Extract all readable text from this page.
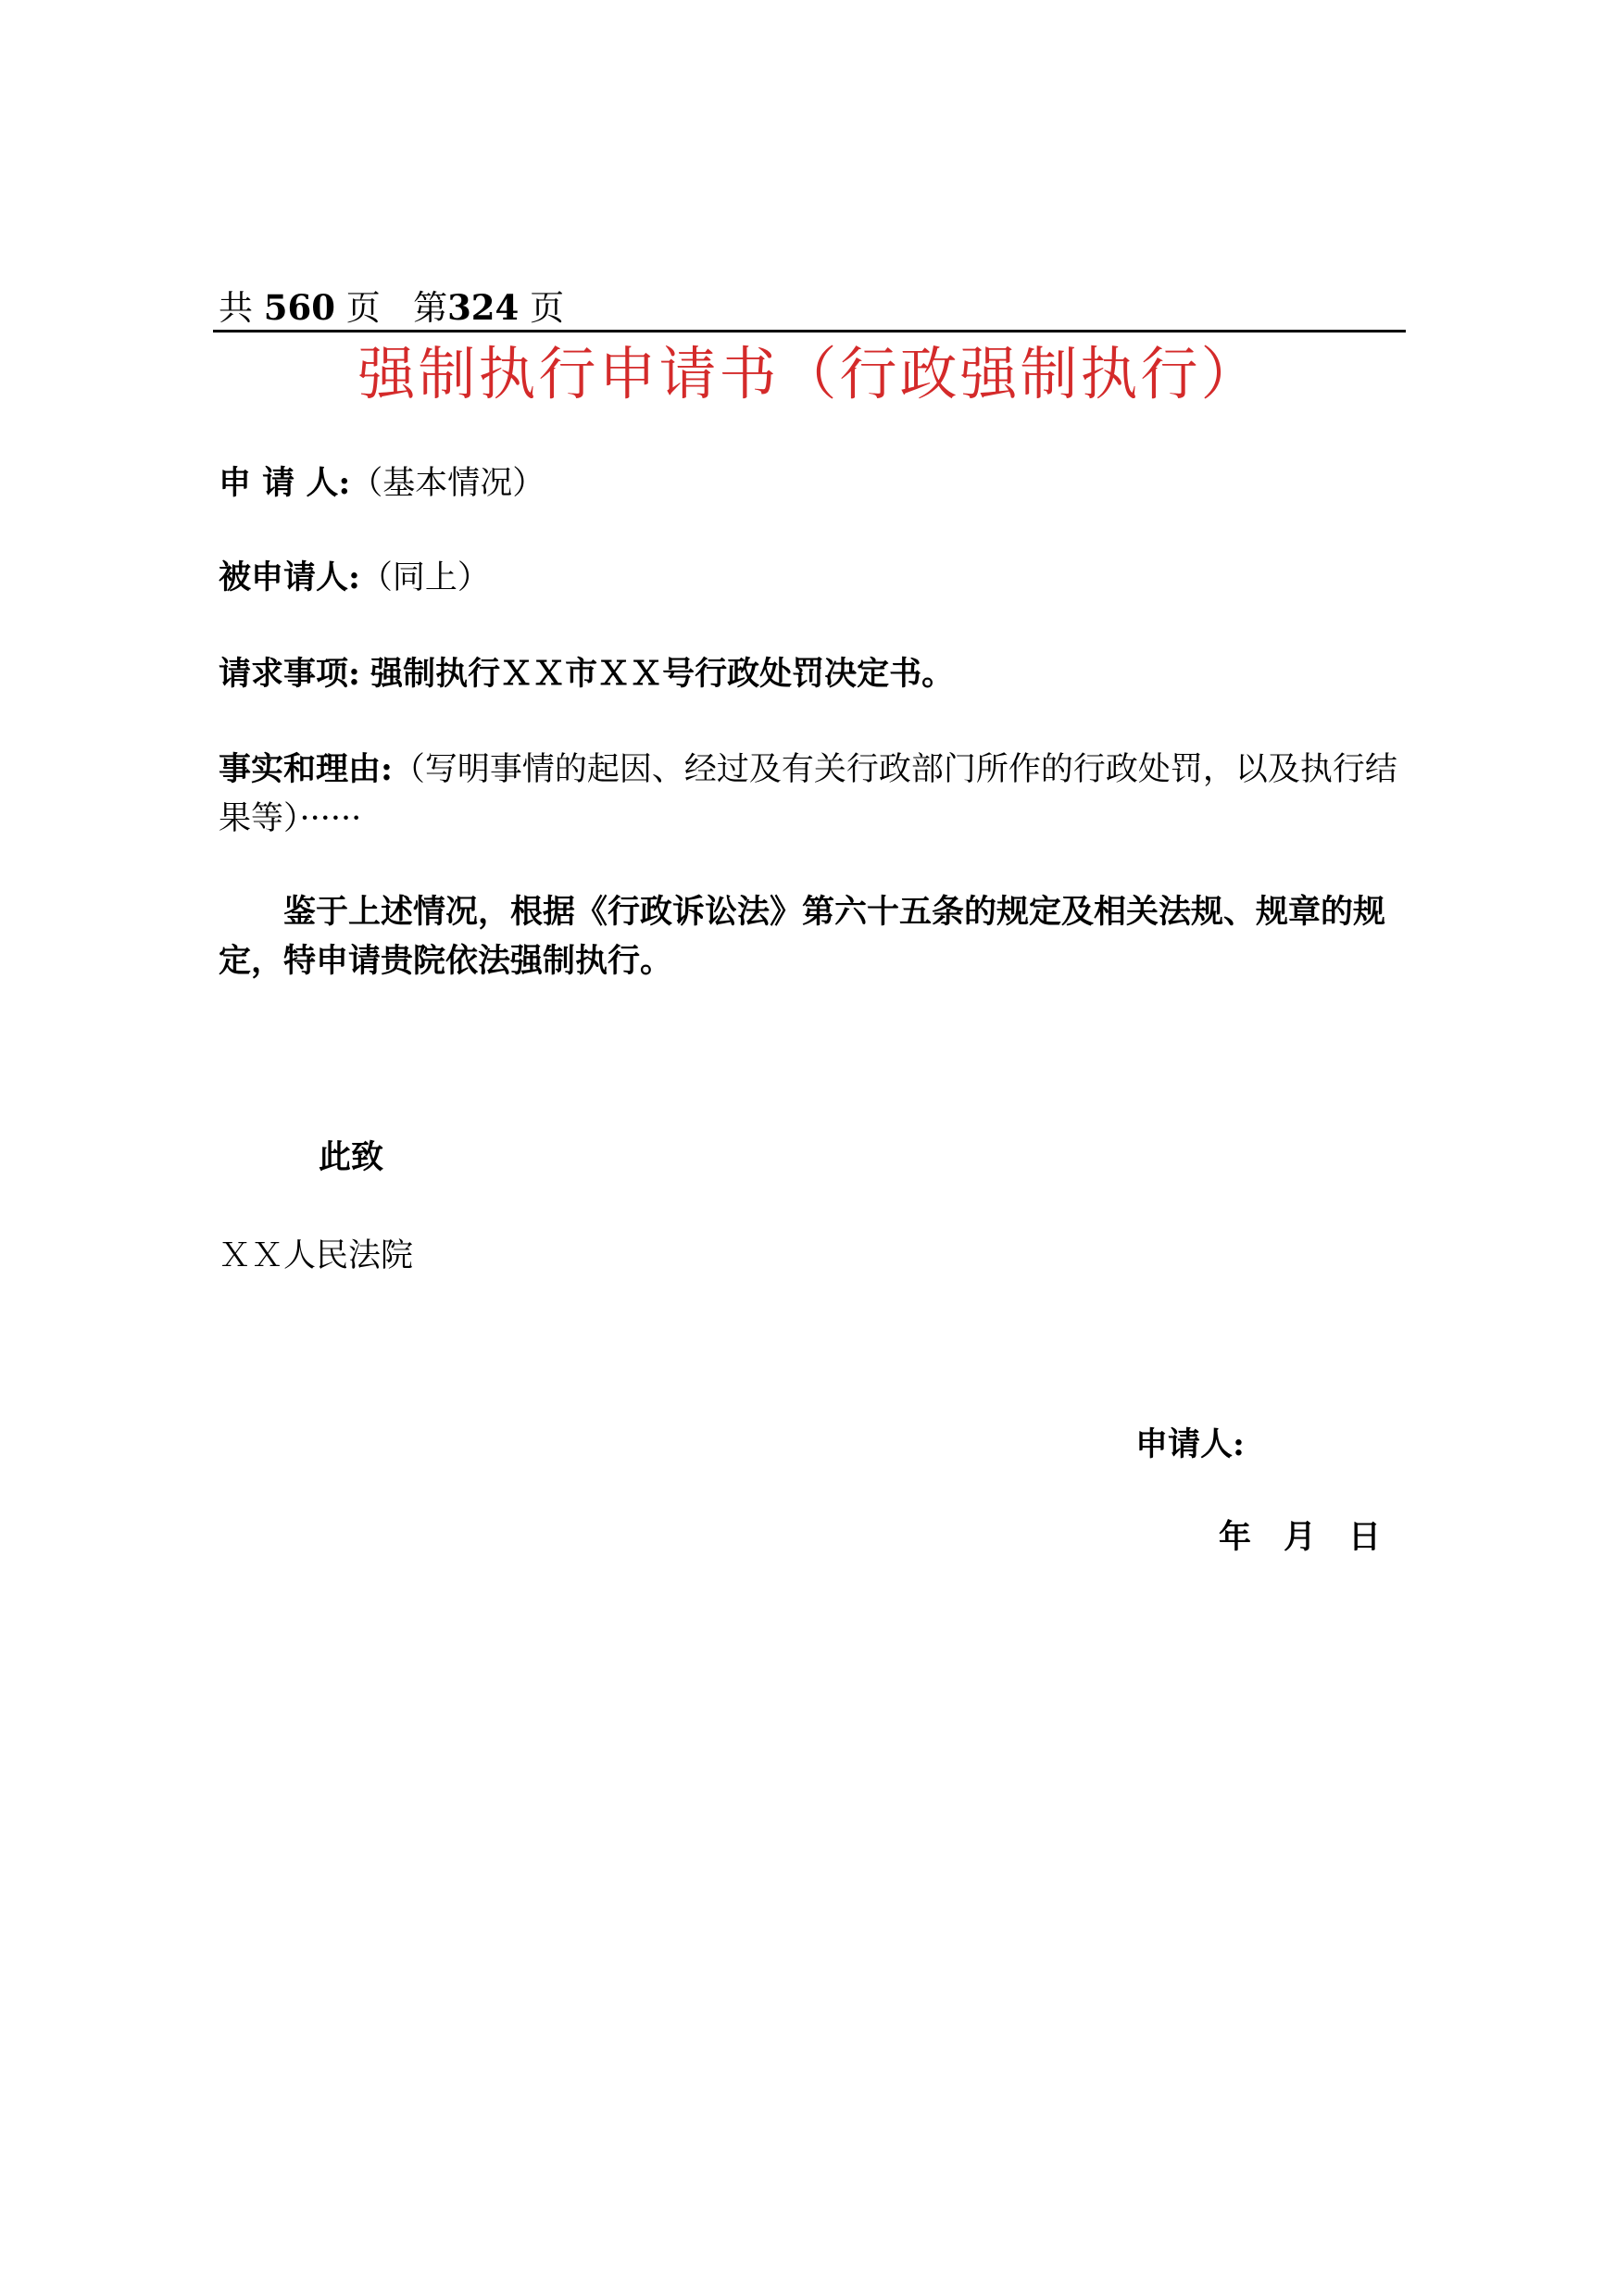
共 560 页 第324 页
强制执行申请书（行政强制执行）
申 请 人:（基本情况）
被申请人:（同上）
请求事项: 强制执行ＸＸ市ＸＸ号行政处罚决定书。
事实和理由:（写明事情的起因、经过及有关行政部门所作的行政处罚，以及执行结果等）······
鉴于上述情况，根据《行政诉讼法》第六十五条的规定及相关法规、规章的规定，特申请贵院依法强制执行。
此致
ＸＸ人民法院
申请人:
年　月　日
